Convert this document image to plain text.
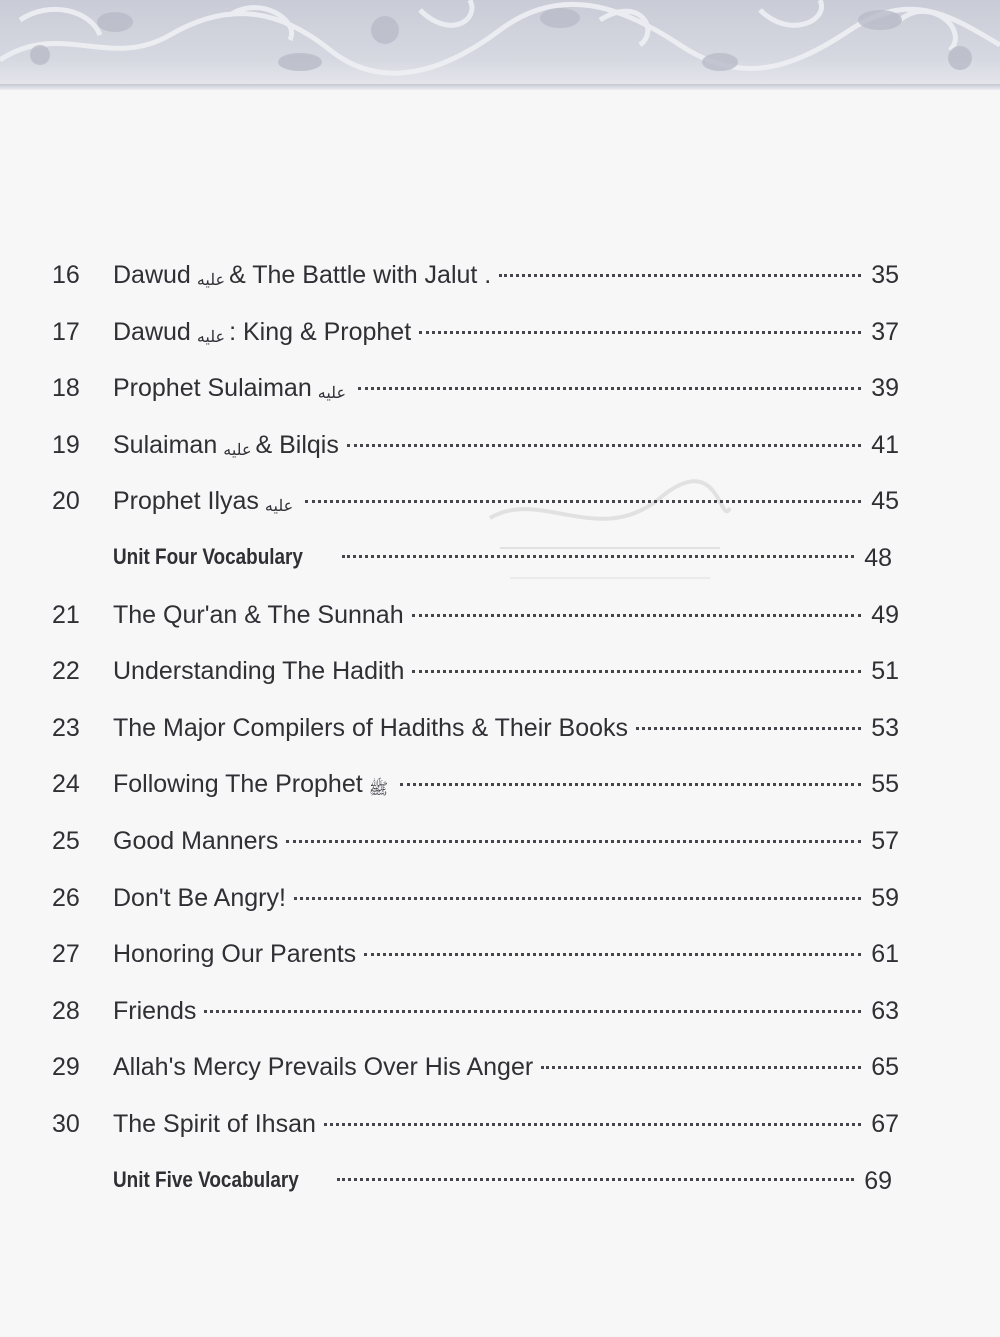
16 Dawud عليه & The Battle with Jalut .	35
17 Dawud عليه : King & Prophet	37
18 Prophet Sulaiman عليه	39
19 Sulaiman عليه & Bilqis	41
20 Prophet Ilyas عليه	45
Unit Four Vocabulary	48
21 The Qur'an & The Sunnah	49
22 Understanding The Hadith	51
23 The Major Compilers of Hadiths & Their Books	53
24 Following The Prophet ﷺ	55
25 Good Manners	57
26 Don't Be Angry!	59
27 Honoring Our Parents	61
28 Friends	63
29 Allah's Mercy Prevails Over His Anger	65
30 The Spirit of Ihsan	67
Unit Five Vocabulary	69
